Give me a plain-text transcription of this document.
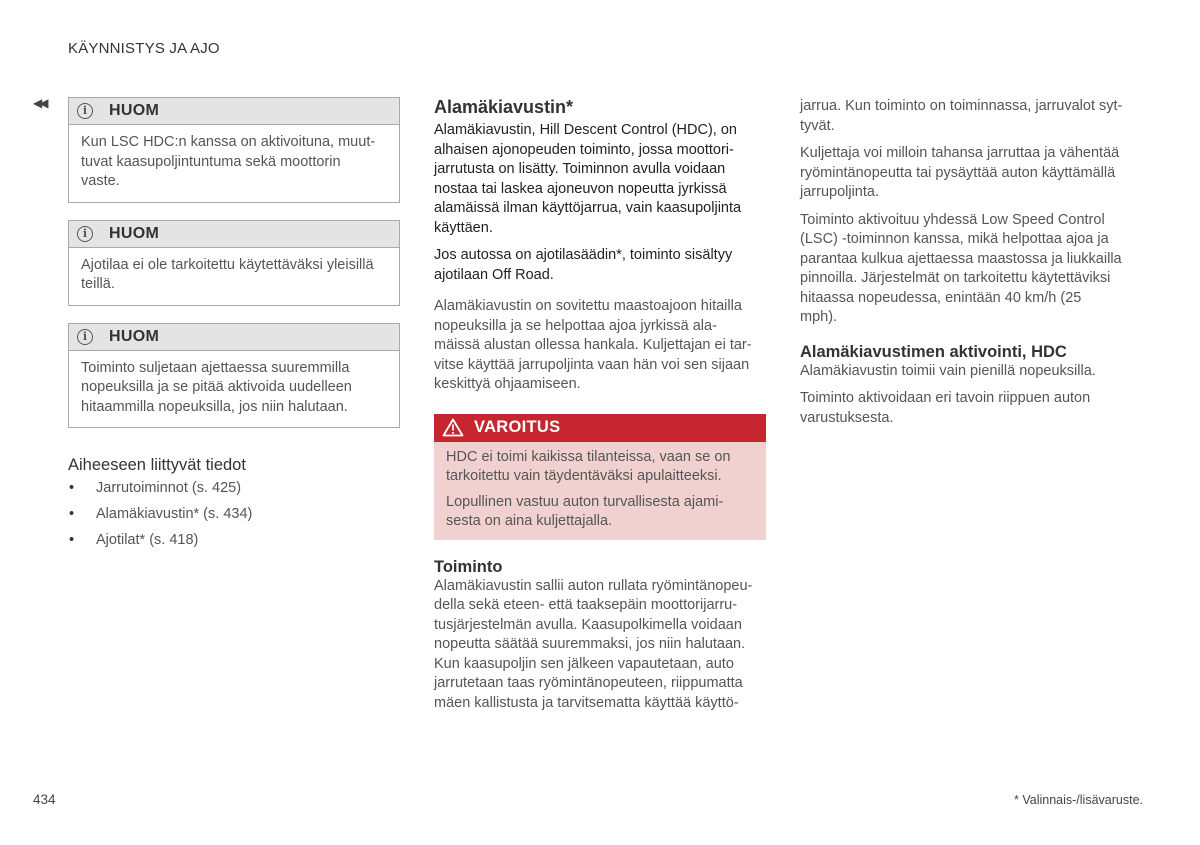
KÄYNNISTYS JA AJO
◀◀
i	HUOM
Kun LSC HDC:n kanssa on aktivoituna, muut-
tuvat kaasupoljintuntuma sekä moottorin
vaste.
i	HUOM
Ajotilaa ei ole tarkoitettu käytettäväksi yleisillä
teillä.
i	HUOM
Toiminto suljetaan ajettaessa suuremmilla
nopeuksilla ja se pitää aktivoida uudelleen
hitaammilla nopeuksilla, jos niin halutaan.
Aiheeseen liittyvät tiedot
• Jarrutoiminnot (s. 425)
• Alamäkiavustin* (s. 434)
• Ajotilat* (s. 418)
Alamäkiavustin*

Alamäkiavustin, Hill Descent Control (HDC), on
alhaisen ajonopeuden toiminto, jossa moottori-
jarrutusta on lisätty. Toiminnon avulla voidaan
nostaa tai laskea ajoneuvon nopeutta jyrkissä
alamäissä ilman käyttöjarrua, vain kaasupoljinta
käyttäen.

Jos autossa on ajotilasäädin*, toiminto sisältyy
ajotilaan Off Road.

Alamäkiavustin on sovitettu maastoajoon hitailla
nopeuksilla ja se helpottaa ajoa jyrkissä ala-
mäissä alustan ollessa hankala. Kuljettajan ei tar-
vitse käyttää jarrupoljinta vaan hän voi sen sijaan
keskittyä ohjaamiseen.

VAROITUS

HDC ei toimi kaikissa tilanteissa, vaan se on
tarkoitettu vain täydentäväksi apulaitteeksi.

Lopullinen vastuu auton turvallisesta ajami-
sesta on aina kuljettajalla.

Toiminto

Alamäkiavustin sallii auton rullata ryömintänopeu-
della sekä eteen- että taaksepäin moottorijarru-
tusjärjestelmän avulla. Kaasupolkimella voidaan
nopeutta säätää suuremmaksi, jos niin halutaan.
Kun kaasupoljin sen jälkeen vapautetaan, auto
jarrutetaan taas ryömintänopeuteen, riippumatta
mäen kallistusta ja tarvitsematta käyttää käyttö-

jarrua. Kun toiminto on toiminnassa, jarruvalot syt-
tyvät.

Kuljettaja voi milloin tahansa jarruttaa ja vähentää
ryömintänopeutta tai pysäyttää auton käyttämällä
jarrupoljinta.

Toiminto aktivoituu yhdessä Low Speed Control
(LSC) -toiminnon kanssa, mikä helpottaa ajoa ja
parantaa kulkua ajettaessa maastossa ja liukkailla
pinnoilla. Järjestelmät on tarkoitettu käytettäviksi
hitaassa nopeudessa, enintään 40 km/h (25
mph).

Alamäkiavustimen aktivointi, HDC

Alamäkiavustin toimii vain pienillä nopeuksilla.

Toiminto aktivoidaan eri tavoin riippuen auton
varustuksesta.

434	* Valinnais-/lisävaruste.
